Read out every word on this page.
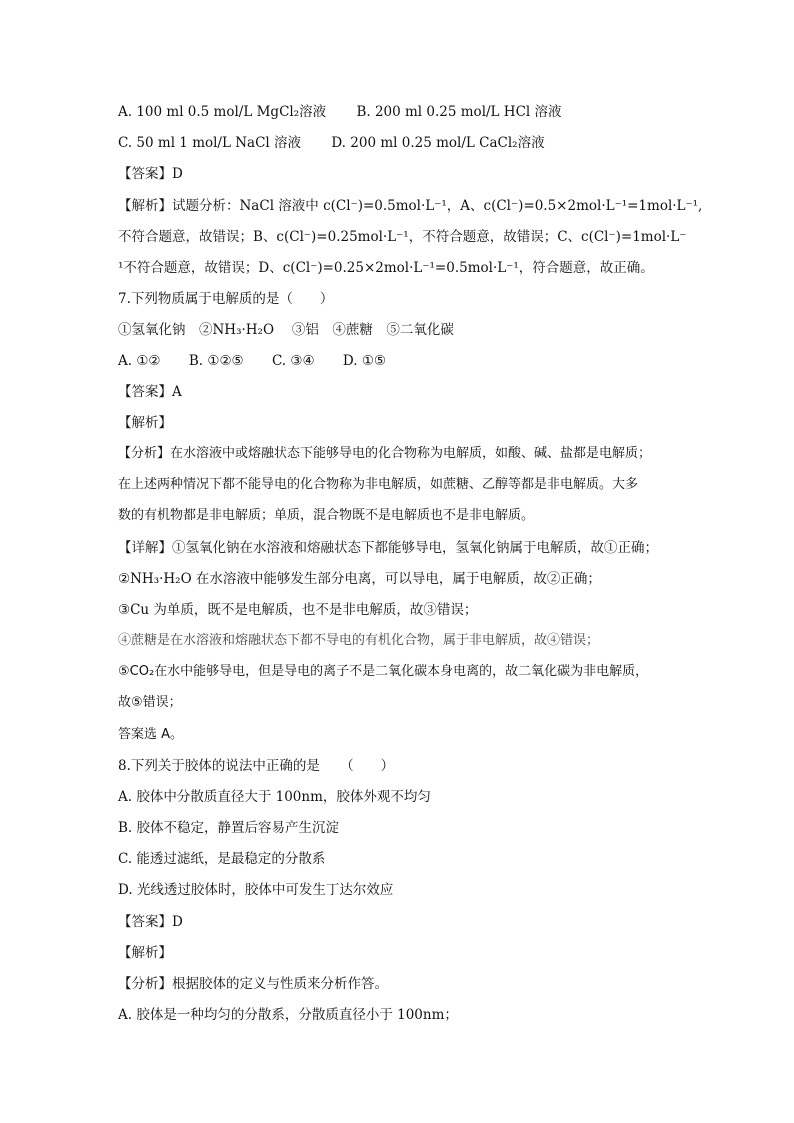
A. 100 ml 0.5 mol/L MgCl₂溶液 B. 200 ml 0.25 mol/L HCl 溶液
C. 50 ml 1 mol/L NaCl 溶液 D. 200 ml 0.25 mol/L CaCl₂溶液
【答案】D
【解析】试题分析：NaCl 溶液中 c(Cl⁻)=0.5mol·L⁻¹，A、c(Cl⁻)=0.5×2mol·L⁻¹=1mol·L⁻¹,
不符合题意，故错误；B、c(Cl⁻)=0.25mol·L⁻¹，不符合题意，故错误；C、c(Cl⁻)=1mol·L⁻
¹不符合题意，故错误；D、c(Cl⁻)=0.25×2mol·L⁻¹=0.5mol·L⁻¹，符合题意，故正确。
7.下列物质属于电解质的是（　　）
①氢氧化钠　②NH₃·H₂O　 ③铝　④蔗糖　⑤二氧化碳
A. ①② B. ①②⑤ C. ③④ D. ①⑤
【答案】A
【解析】
【分析】在水溶液中或熔融状态下能够导电的化合物称为电解质，如酸、碱、盐都是电解质；
在上述两种情况下都不能导电的化合物称为非电解质，如蔗糖、乙醇等都是非电解质。大多
数的有机物都是非电解质；单质，混合物既不是电解质也不是非电解质。
【详解】①氢氧化钠在水溶液和熔融状态下都能够导电，氢氧化钠属于电解质，故①正确；
②NH₃·H₂O 在水溶液中能够发生部分电离，可以导电，属于电解质，故②正确；
③Cu 为单质，既不是电解质，也不是非电解质，故③错误；
④蔗糖是在水溶液和熔融状态下都不导电的有机化合物，属于非电解质，故④错误；
⑤CO₂在水中能够导电，但是导电的离子不是二氧化碳本身电离的，故二氧化碳为非电解质，
故⑤错误；
答案选 A。
8.下列关于胶体的说法中正确的是　　（　　）
A. 胶体中分散质直径大于 100nm，胶体外观不均匀
B. 胶体不稳定，静置后容易产生沉淀
C. 能透过滤纸，是最稳定的分散系
D. 光线透过胶体时，胶体中可发生丁达尔效应
【答案】D
【解析】
【分析】根据胶体的定义与性质来分析作答。
A. 胶体是一种均匀的分散系，分散质直径小于 100nm；
